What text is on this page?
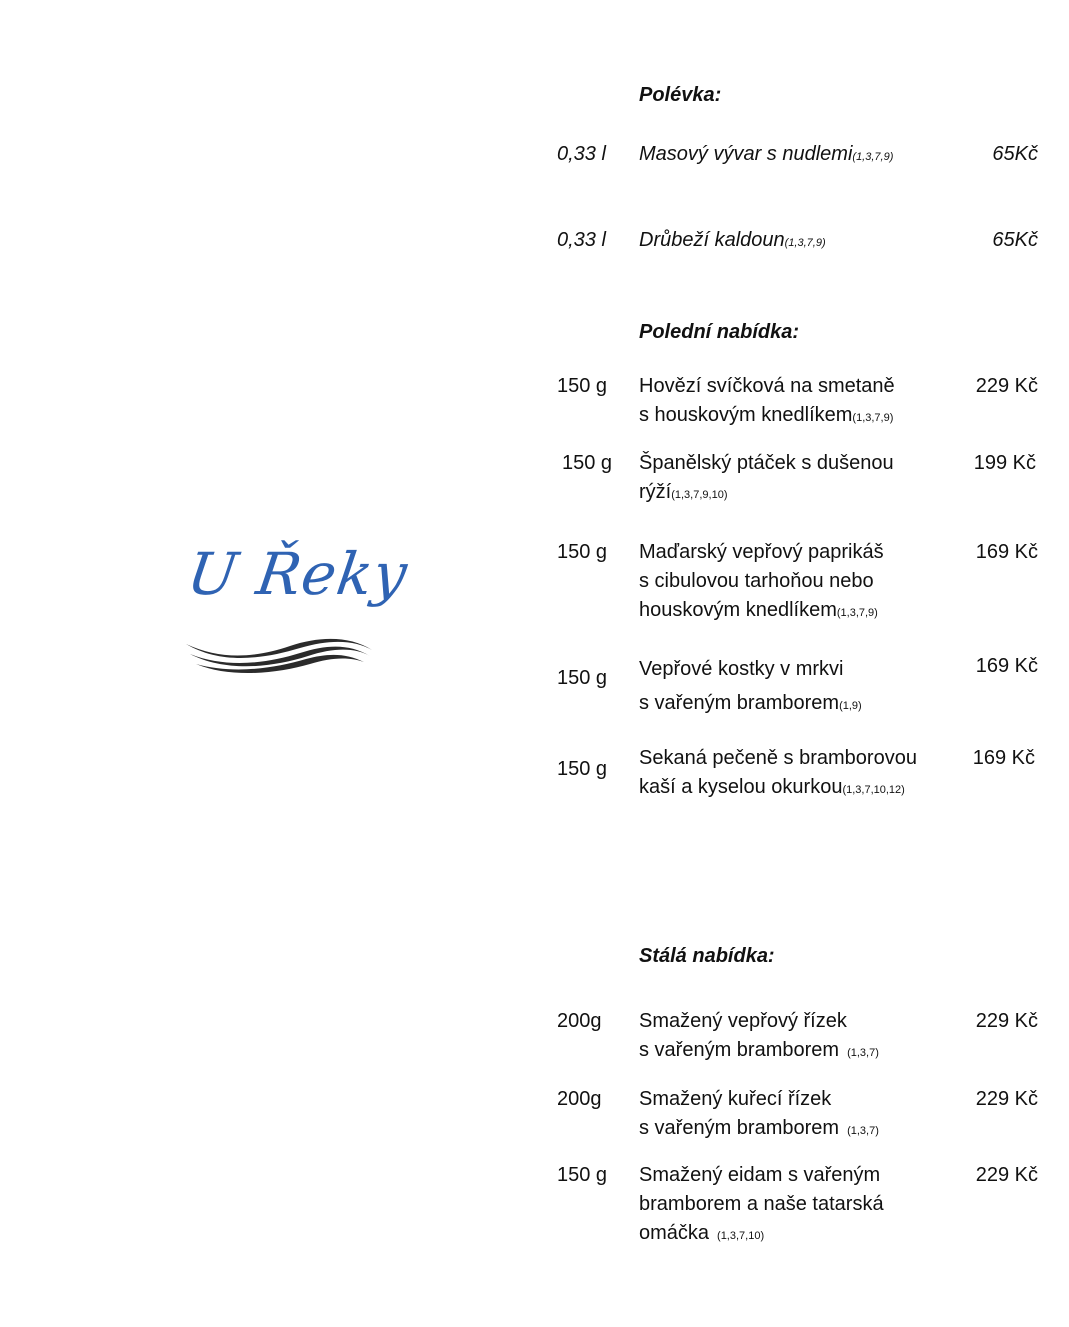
U Řeky
Polévka:
0,33 l Masový vývar s nudlemi(1,3,7,9)	65Kč
0,33 l Drůbeží kaldoun(1,3,7,9)	65Kč
Polední nabídka:
150 g Hovězí svíčková na smetaně
s houskovým knedlíkem(1,3,7,9)
229 Kč
150 g Španělský ptáček s dušenou
rýží(1,3,7,9,10)
199 Kč
150 g Maďarský vepřový paprikáš
s cibulovou tarhoňou nebo
houskovým knedlíkem(1,3,7,9)
169 Kč
150 g Vepřové kostky v mrkvi
s vařeným bramborem(1,9)
169 Kč
150 g Sekaná pečeně s bramborovou
kaší a kyselou okurkou(1,3,7,10,12)
169 Kč
Stálá nabídka:
200g Smažený vepřový řízek
s vařeným bramborem (1,3,7)
229 Kč
200g Smažený kuřecí řízek
s vařeným bramborem (1,3,7)
229 Kč
150 g Smažený eidam s vařeným
bramborem a naše tatarská
omáčka (1,3,7,10)
229 Kč
